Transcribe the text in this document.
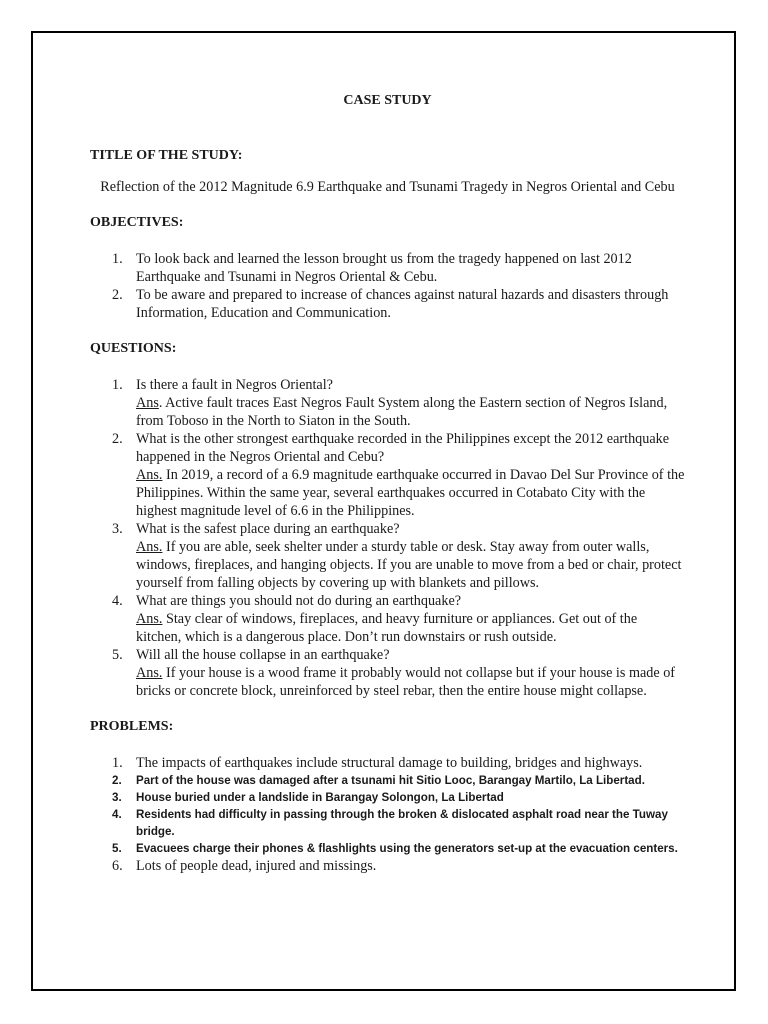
CASE STUDY

TITLE OF THE STUDY:

Reflection of the 2012 Magnitude 6.9 Earthquake and Tsunami Tragedy in Negros Oriental and Cebu

OBJECTIVES:

1. To look back and learned the lesson brought us from the tragedy happened on last 2012 Earthquake and Tsunami in Negros Oriental & Cebu.
2. To be aware and prepared to increase of chances against natural hazards and disasters through Information, Education and Communication.

QUESTIONS:

1. Is there a fault in Negros Oriental?
Ans. Active fault traces East Negros Fault System along the Eastern section of Negros Island, from Toboso in the North to Siaton in the South.
2. What is the other strongest earthquake recorded in the Philippines except the 2012 earthquake happened in the Negros Oriental and Cebu?
Ans. In 2019, a record of a 6.9 magnitude earthquake occurred in Davao Del Sur Province of the Philippines. Within the same year, several earthquakes occurred in Cotabato City with the highest magnitude level of 6.6 in the Philippines.
3. What is the safest place during an earthquake?
Ans. If you are able, seek shelter under a sturdy table or desk. Stay away from outer walls, windows, fireplaces, and hanging objects. If you are unable to move from a bed or chair, protect yourself from falling objects by covering up with blankets and pillows.
4. What are things you should not do during an earthquake?
Ans. Stay clear of windows, fireplaces, and heavy furniture or appliances. Get out of the kitchen, which is a dangerous place. Don’t run downstairs or rush outside.
5. Will all the house collapse in an earthquake?
Ans. If your house is a wood frame it probably would not collapse but if your house is made of bricks or concrete block, unreinforced by steel rebar, then the entire house might collapse.

PROBLEMS:

1. The impacts of earthquakes include structural damage to building, bridges and highways.
2. Part of the house was damaged after a tsunami hit Sitio Looc, Barangay Martilo, La Libertad.
3. House buried under a landslide in Barangay Solongon, La Libertad
4. Residents had difficulty in passing through the broken & dislocated asphalt road near the Tuway bridge.
5. Evacuees charge their phones & flashlights using the generators set-up at the evacuation centers.
6. Lots of people dead, injured and missings.
